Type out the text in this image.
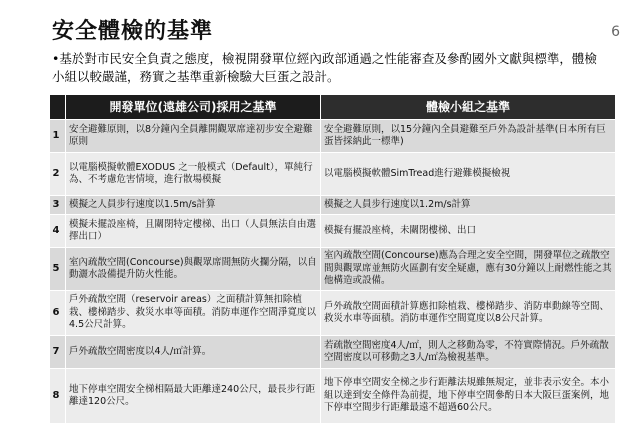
安全體檢的基準	6
•基於對市民安全負責之態度，檢視開發單位經內政部通過之性能審查及參酌國外文獻與標準，體檢小組以較嚴謹，務實之基準重新檢驗大巨蛋之設計。
	開發單位(遠雄公司)採用之基準	體檢小組之基準
1	安全避難原則，以8分鐘內全員離開觀眾席達初步安全避難原則	安全避難原則，以15分鐘內全員避難至戶外為設計基準(日本所有巨蛋皆採納此一標準)
2	以電腦模擬軟體EXODUS 之一般模式（Default），單純行為、不考慮危害情境，進行散場模擬	以電腦模擬軟體SimTread進行避難模擬檢視
3	模擬之人員步行速度以1.5m/s計算	模擬之人員步行速度以1.2m/s計算
4	模擬未擺設座椅，且關閉特定樓梯、出口（人員無法自由選擇出口）	模擬有擺設座椅，未關閉樓梯、出口
5	室內疏散空間(Concourse)與觀眾席間無防火攔分隔，以自動灑水設備提升防火性能。	室內疏散空間(Concourse)應為合理之安全空間，開發單位之疏散空間與觀眾席並無防火區劃有安全疑慮，應有30分鐘以上耐燃性能之其他構造或設備。
6	戶外疏散空間（reservoir areas）之面積計算無扣除植栽、樓梯踏步、救災水車等面積。消防車運作空間淨寬度以4.5公尺計算。	戶外疏散空間面積計算應扣除植栽、樓梯踏步、消防車動線等空間、救災水車等面積。消防車運作空間寬度以8公尺計算。
7	戶外疏散空間密度以4人/㎡計算。	若疏散空間密度4人/㎡，則人之移動為零，不符實際情況。戶外疏散空間密度以可移動之3人/㎡為檢視基準。
8	地下停車空間安全梯相隔最大距離達240公尺，最長步行距離達120公尺。	地下停車空間安全梯之步行距離法規雖無規定，並非表示安全。本小組以達到安全條件為前提，地下停車空間參酌日本大阪巨蛋案例，地下停車空間步行距離最遠不超過60公尺。
